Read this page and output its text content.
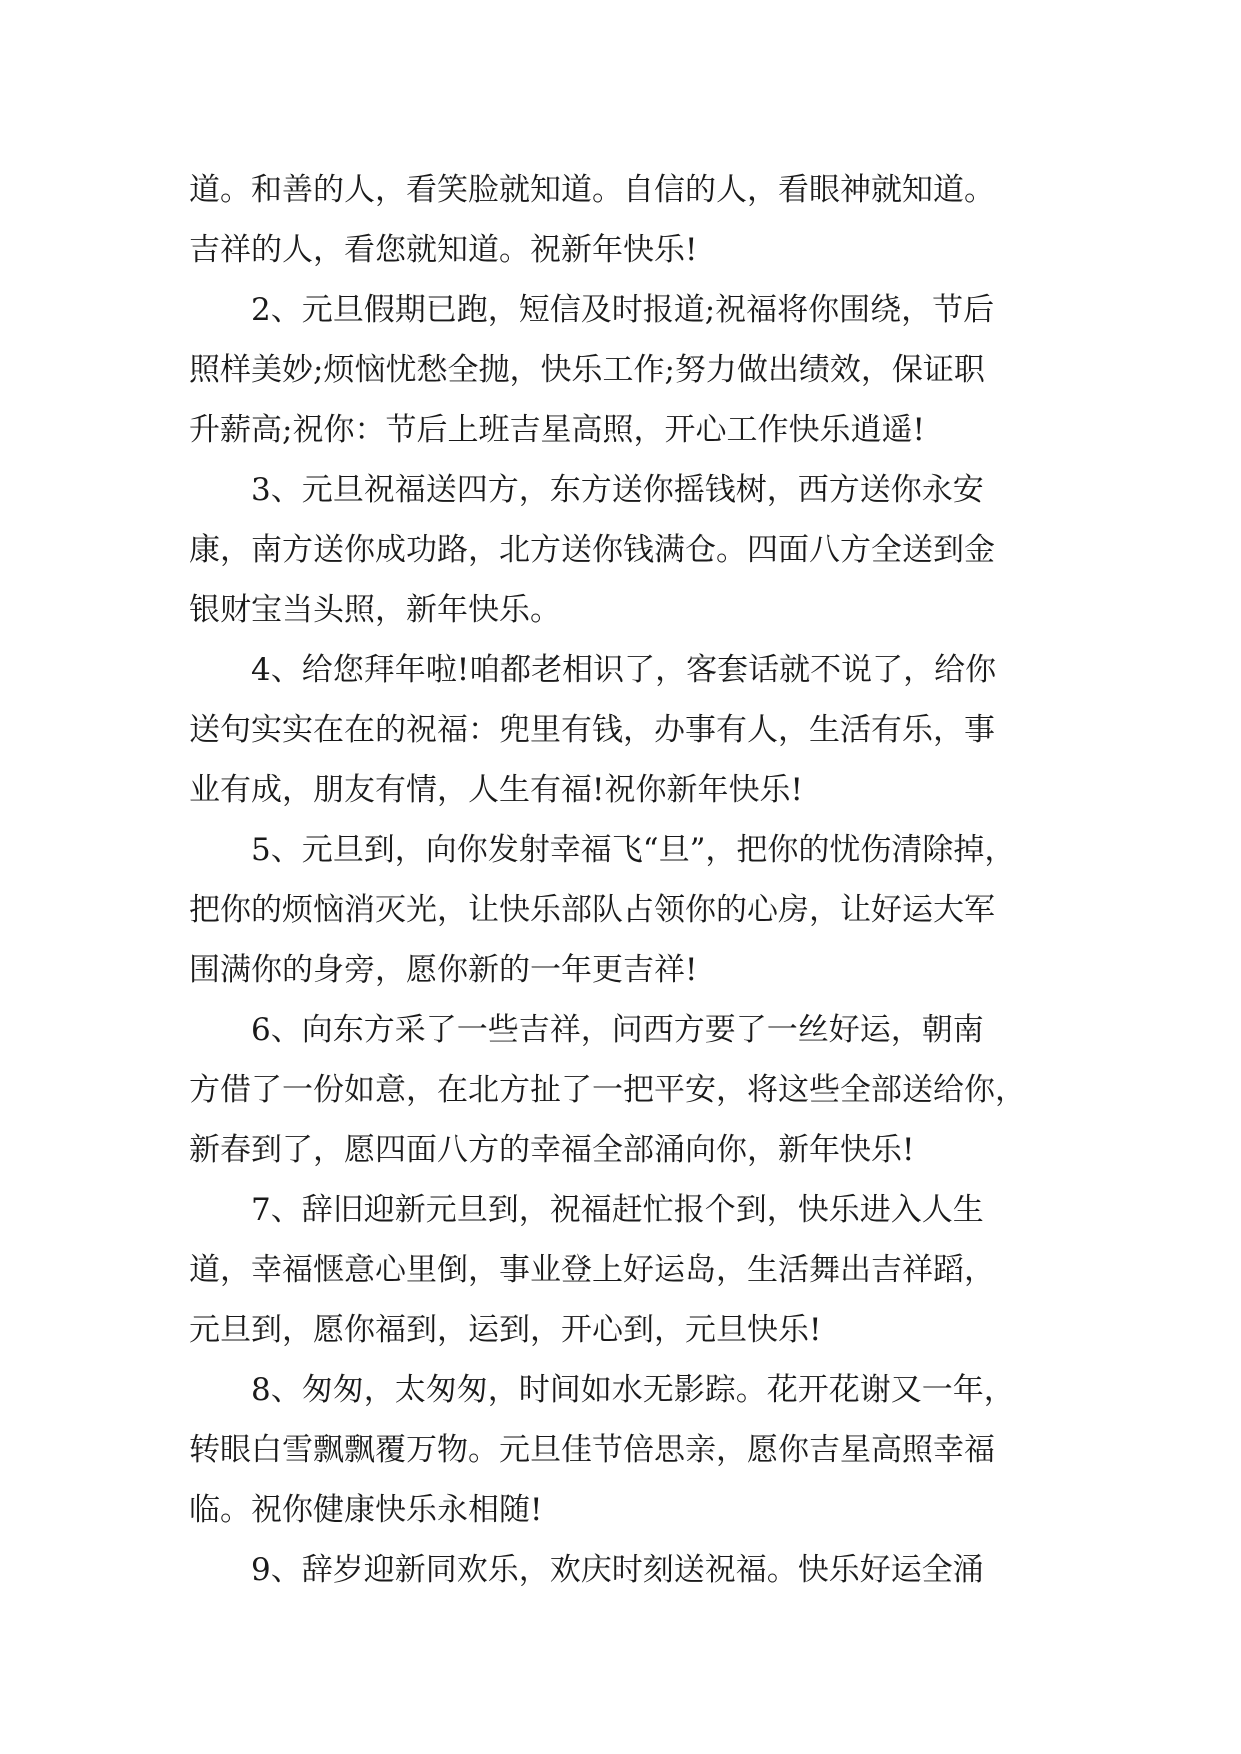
道。和善的人，看笑脸就知道。自信的人，看眼神就知道。
吉祥的人，看您就知道。祝新年快乐!
2、元旦假期已跑，短信及时报道;祝福将你围绕，节后
照样美妙;烦恼忧愁全抛，快乐工作;努力做出绩效，保证职
升薪高;祝你：节后上班吉星高照，开心工作快乐逍遥!
3、元旦祝福送四方，东方送你摇钱树，西方送你永安
康，南方送你成功路，北方送你钱满仓。四面八方全送到金
银财宝当头照，新年快乐。
4、给您拜年啦!咱都老相识了，客套话就不说了，给你
送句实实在在的祝福：兜里有钱，办事有人，生活有乐，事
业有成，朋友有情，人生有福!祝你新年快乐!
5、元旦到，向你发射幸福飞“旦”，把你的忧伤清除掉，
把你的烦恼消灭光，让快乐部队占领你的心房，让好运大军
围满你的身旁，愿你新的一年更吉祥!
6、向东方采了一些吉祥，问西方要了一丝好运，朝南
方借了一份如意，在北方扯了一把平安，将这些全部送给你，
新春到了，愿四面八方的幸福全部涌向你，新年快乐!
7、辞旧迎新元旦到，祝福赶忙报个到，快乐进入人生
道，幸福惬意心里倒，事业登上好运岛，生活舞出吉祥蹈，
元旦到，愿你福到，运到，开心到，元旦快乐!
8、匆匆，太匆匆，时间如水无影踪。花开花谢又一年，
转眼白雪飘飘覆万物。元旦佳节倍思亲，愿你吉星高照幸福
临。祝你健康快乐永相随!
9、辞岁迎新同欢乐，欢庆时刻送祝福。快乐好运全涌
